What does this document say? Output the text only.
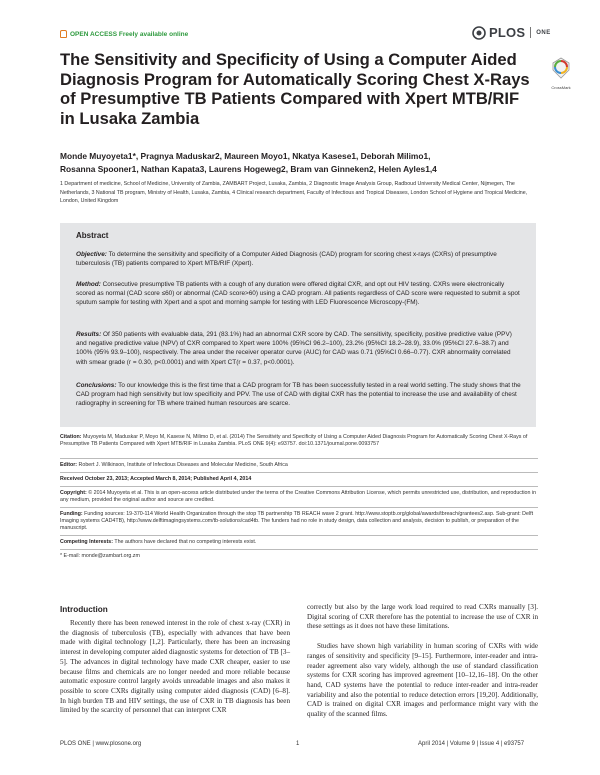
OPEN ACCESS Freely available online	PLOS ONE
The Sensitivity and Specificity of Using a Computer Aided Diagnosis Program for Automatically Scoring Chest X-Rays of Presumptive TB Patients Compared with Xpert MTB/RIF in Lusaka Zambia
CrossMark
Monde Muyoyeta1*, Pragnya Maduskar2, Maureen Moyo1, Nkatya Kasese1, Deborah Milimo1,
Rosanna Spooner1, Nathan Kapata3, Laurens Hogeweg2, Bram van Ginneken2, Helen Ayles1,4
1 Department of medicine, School of Medicine, University of Zambia, ZAMBART Project, Lusaka, Zambia, 2 Diagnostic Image Analysis Group, Radboud University Medical Center, Nijmegen, The Netherlands, 3 National TB program, Ministry of Health, Lusaka, Zambia, 4 Clinical research department, Faculty of Infectious and Tropical Diseases, London School of Hygiene and Tropical Medicine, London, United Kingdom
Abstract

Objective: To determine the sensitivity and specificity of a Computer Aided Diagnosis (CAD) program for scoring chest x-rays (CXRs) of presumptive tuberculosis (TB) patients compared to Xpert MTB/RIF (Xpert).

Method: Consecutive presumptive TB patients with a cough of any duration were offered digital CXR, and opt out HIV testing. CXRs were electronically scored as normal (CAD score ≤60) or abnormal (CAD score>60) using a CAD program. All patients regardless of CAD score were requested to submit a spot sputum sample for testing with Xpert and a spot and morning sample for testing with LED Fluorescence Microscopy-(FM).

Results: Of 350 patients with evaluable data, 291 (83.1%) had an abnormal CXR score by CAD. The sensitivity, specificity, positive predictive value (PPV) and negative predictive value (NPV) of CXR compared to Xpert were 100% (95%CI 96.2–100), 23.2% (95%CI 18.2–28.9), 33.0% (95%CI 27.6–38.7) and 100% (95% 93.9–100), respectively. The area under the receiver operator curve (AUC) for CAD was 0.71 (95%CI 0.66–0.77). CXR abnormality correlated with smear grade (r = 0.30, p<0.0001) and with Xpert CT(r = 0.37, p<0.0001).

Conclusions: To our knowledge this is the first time that a CAD program for TB has been successfully tested in a real world setting. The study shows that the CAD program had high sensitivity but low specificity and PPV. The use of CAD with digital CXR has the potential to increase the use and availability of chest radiography in screening for TB where trained human resources are scarce.

Citation: Muyoyeta M, Maduskar P, Moyo M, Kasese N, Milimo D, et al. (2014) The Sensitivity and Specificity of Using a Computer Aided Diagnosis Program for Automatically Scoring Chest X-Rays of Presumptive TB Patients Compared with Xpert MTB/RIF in Lusaka Zambia. PLoS ONE 9(4): e93757. doi:10.1371/journal.pone.0093757
Editor: Robert J. Wilkinson, Institute of Infectious Diseases and Molecular Medicine, South Africa
Received October 23, 2013; Accepted March 8, 2014; Published April 4, 2014
Copyright: © 2014 Muyoyeta et al. This is an open-access article distributed under the terms of the Creative Commons Attribution License, which permits unrestricted use, distribution, and reproduction in any medium, provided the original author and source are credited.
Funding: Funding sources: 19-370-114 World Health Organization through the stop TB partnership TB REACH wave 2 grant. http://www.stoptb.org/global/awards/tbreach/grantees2.asp. Sub-grant: Delft Imaging systems CAD4TB), http://www.delftimagingsystems.com/tb-solutions/cad4tb. The funders had no role in study design, data collection and analysis, decision to publish, or preparation of the manuscript.
Competing Interests: The authors have declared that no competing interests exist.
* E-mail: monde@zambart.org.zm
Introduction

Recently there has been renewed interest in the role of chest x-ray (CXR) in the diagnosis of tuberculosis (TB), especially with advances that have been made with digital technology [1,2]. Particularly, there has been an increasing interest in developing computer aided diagnostic systems for detection of TB [3–5]. The advances in digital technology have made CXR cheaper, easier to use because films and chemicals are no longer needed and more reliable because automatic exposure control largely avoids unreadable images and also makes it possible to score CXRs digitally using computer aided diagnosis (CAD) [6–8]. In high burden TB and HIV settings, the use of CXR in TB diagnosis has been limited by the scarcity of personnel that can interpret CXR

correctly but also by the large work load required to read CXRs manually [3]. Digital scoring of CXR therefore has the potential to increase the use of CXR in these settings as it does not have these limitations.

Studies have shown high variability in human scoring of CXRs with wide ranges of sensitivity and specificity [9–15]. Furthermore, inter-reader and intra-reader agreement also vary widely, although the use of standard classification systems for CXR scoring has improved agreement [10–12,16–18]. On the other hand, CAD systems have the potential to reduce inter-reader and intra-reader variability and also the potential to reduce detection errors [19,20]. Additionally, CAD is trained on digital CXR images and performance might vary with the quality of the scanned films.

PLOS ONE | www.plosone.org	1	April 2014 | Volume 9 | Issue 4 | e93757
